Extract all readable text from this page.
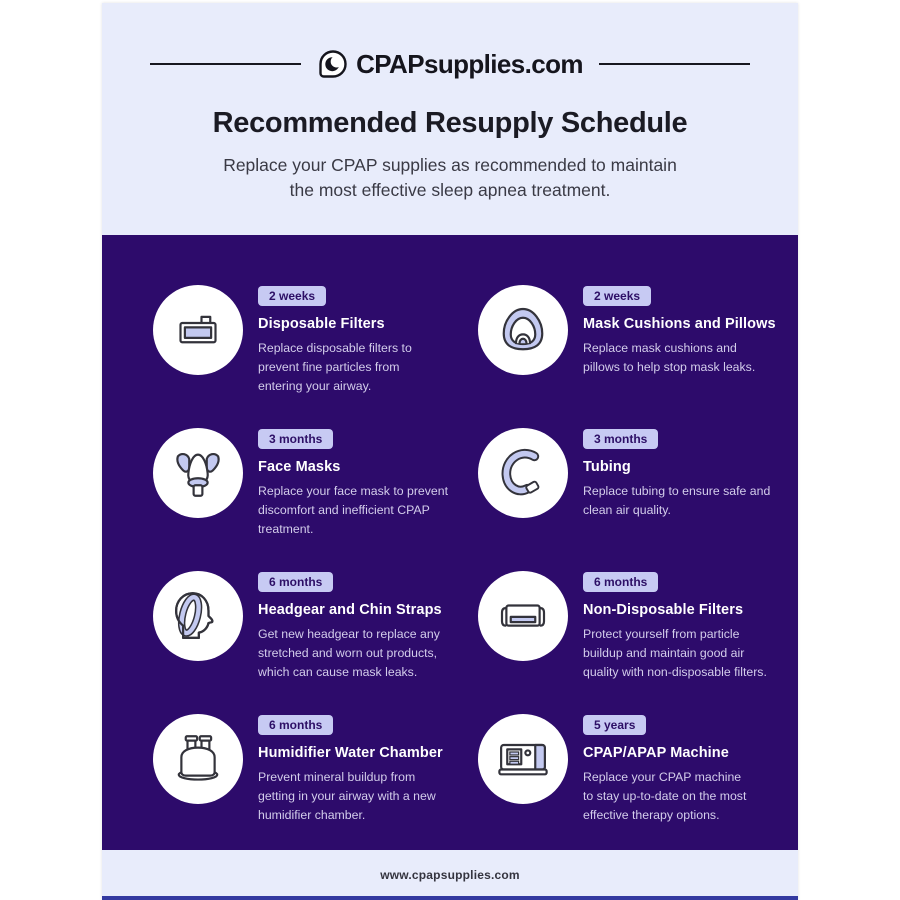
CPAPsupplies.com
Recommended Resupply Schedule

Replace your CPAP supplies as recommended to maintain
the most effective sleep apnea treatment.

2 weeks
Disposable Filters

Replace disposable filters to
prevent fine particles from
entering your airway.

2 weeks
Mask Cushions and Pillows

Replace mask cushions and
pillows to help stop mask leaks.

3 months
Face Masks

Replace your face mask to prevent
discomfort and inefficient CPAP
treatment.

3 months
Tubing

Replace tubing to ensure safe and
clean air quality.

6 months
Headgear and Chin Straps

Get new headgear to replace any
stretched and worn out products,
which can cause mask leaks.

6 months
Non-Disposable Filters

Protect yourself from particle
buildup and maintain good air
quality with non-disposable filters.

6 months
Humidifier Water Chamber

Prevent mineral buildup from
getting in your airway with a new
humidifier chamber.

5 years
CPAP/APAP Machine

Replace your CPAP machine
to stay up-to-date on the most
effective therapy options.

www.cpapsupplies.com
